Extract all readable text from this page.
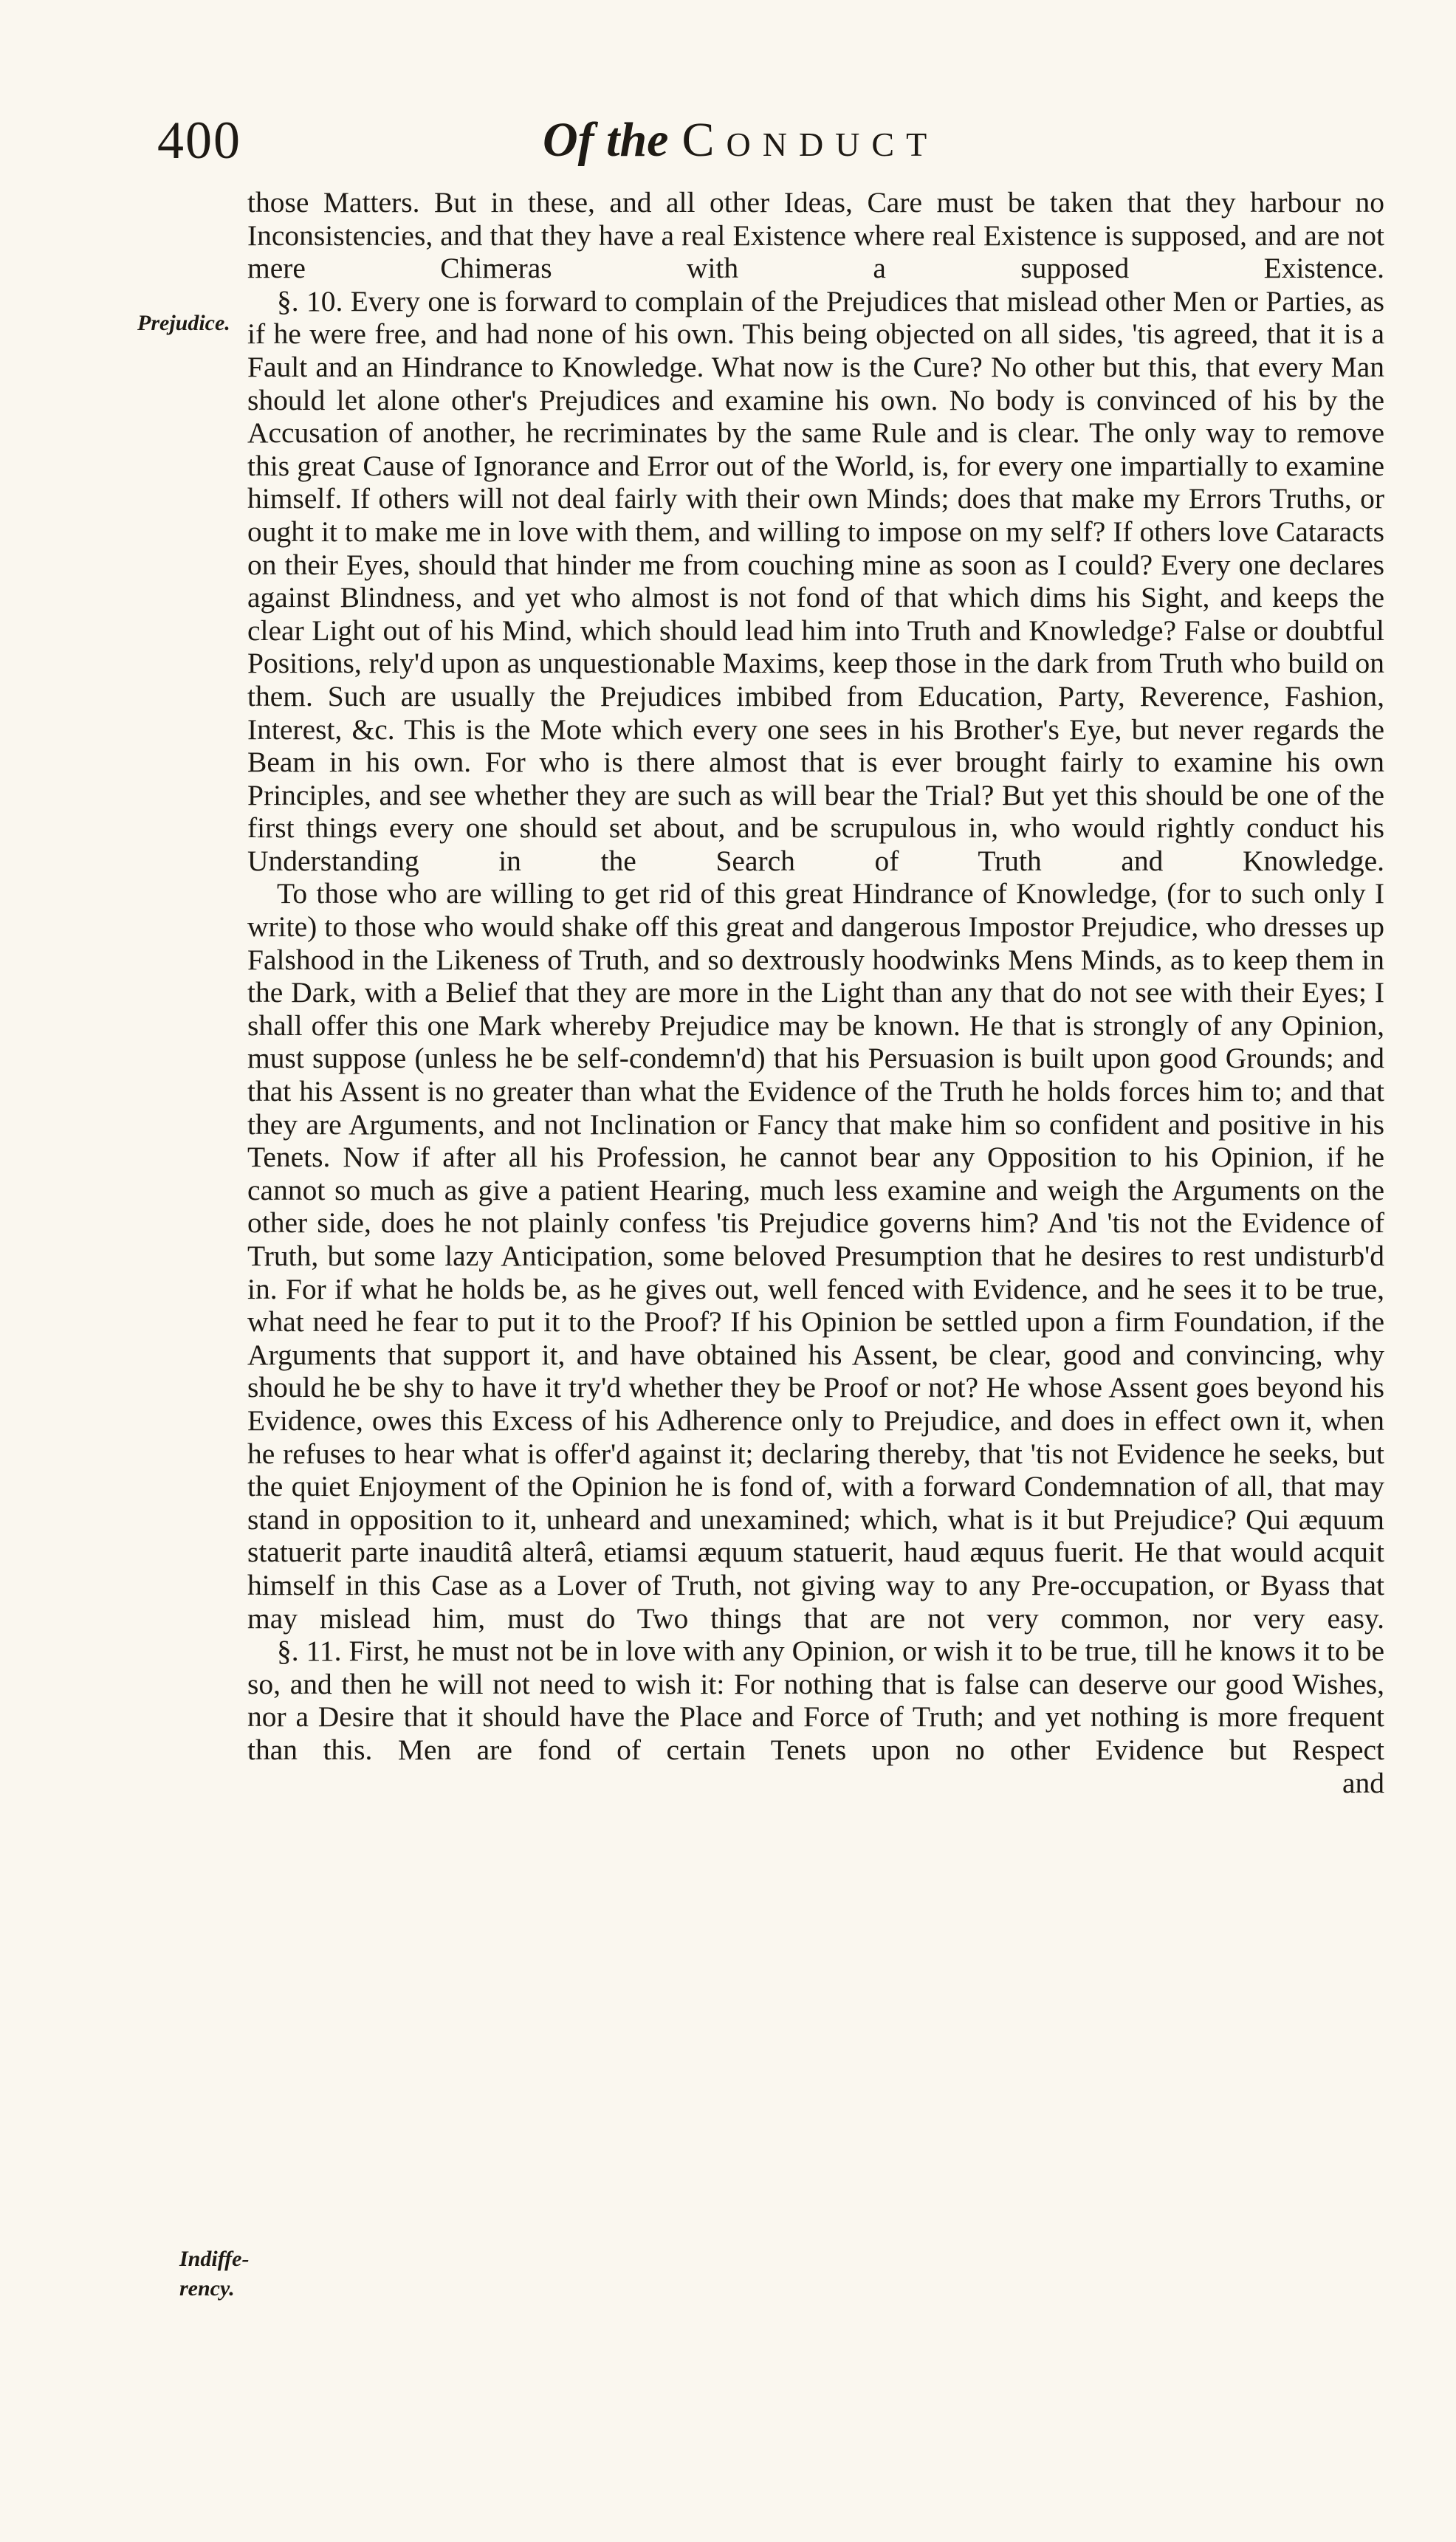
400	Of the Conduct
Prejudice.
Indiffe-
rency.

those Matters. But in these, and all other Ideas, Care must be taken that they harbour no Inconsistencies, and that they have a real Existence where real Existence is supposed, and are not mere Chimeras with a supposed Existence.

§. 10. Every one is forward to complain of the Prejudices that mislead other Men or Parties, as if he were free, and had none of his own. This being objected on all sides, 'tis agreed, that it is a Fault and an Hindrance to Knowledge. What now is the Cure? No other but this, that every Man should let alone other's Prejudices and examine his own. No body is convinced of his by the Accusation of another, he recriminates by the same Rule and is clear. The only way to remove this great Cause of Ignorance and Error out of the World, is, for every one impartially to examine himself. If others will not deal fairly with their own Minds; does that make my Errors Truths, or ought it to make me in love with them, and willing to impose on my self? If others love Cataracts on their Eyes, should that hinder me from couching mine as soon as I could? Every one declares against Blindness, and yet who almost is not fond of that which dims his Sight, and keeps the clear Light out of his Mind, which should lead him into Truth and Knowledge? False or doubtful Positions, rely'd upon as unquestionable Maxims, keep those in the dark from Truth who build on them. Such are usually the Prejudices imbibed from Education, Party, Reverence, Fashion, Interest, &c. This is the Mote which every one sees in his Brother's Eye, but never regards the Beam in his own. For who is there almost that is ever brought fairly to examine his own Principles, and see whether they are such as will bear the Trial? But yet this should be one of the first things every one should set about, and be scrupulous in, who would rightly conduct his Understanding in the Search of Truth and Knowledge.

To those who are willing to get rid of this great Hindrance of Knowledge, (for to such only I write) to those who would shake off this great and dangerous Impostor Prejudice, who dresses up Falshood in the Likeness of Truth, and so dextrously hoodwinks Mens Minds, as to keep them in the Dark, with a Belief that they are more in the Light than any that do not see with their Eyes; I shall offer this one Mark whereby Prejudice may be known. He that is strongly of any Opinion, must suppose (unless he be self-condemn'd) that his Persuasion is built upon good Grounds; and that his Assent is no greater than what the Evidence of the Truth he holds forces him to; and that they are Arguments, and not Inclination or Fancy that make him so confident and positive in his Tenets. Now if after all his Profession, he cannot bear any Opposition to his Opinion, if he cannot so much as give a patient Hearing, much less examine and weigh the Arguments on the other side, does he not plainly confess 'tis Prejudice governs him? And 'tis not the Evidence of Truth, but some lazy Anticipation, some beloved Presumption that he desires to rest undisturb'd in. For if what he holds be, as he gives out, well fenced with Evidence, and he sees it to be true, what need he fear to put it to the Proof? If his Opinion be settled upon a firm Foundation, if the Arguments that support it, and have obtained his Assent, be clear, good and convincing, why should he be shy to have it try'd whether they be Proof or not? He whose Assent goes beyond his Evidence, owes this Excess of his Adherence only to Prejudice, and does in effect own it, when he refuses to hear what is offer'd against it; declaring thereby, that 'tis not Evidence he seeks, but the quiet Enjoyment of the Opinion he is fond of, with a forward Condemnation of all, that may stand in opposition to it, unheard and unexamined; which, what is it but Prejudice? Qui æquum statuerit parte inauditâ alterâ, etiamsi æquum statuerit, haud æquus fuerit. He that would acquit himself in this Case as a Lover of Truth, not giving way to any Pre-occupation, or Byass that may mislead him, must do Two things that are not very common, nor very easy.

§. 11. First, he must not be in love with any Opinion, or wish it to be true, till he knows it to be so, and then he will not need to wish it: For nothing that is false can deserve our good Wishes, nor a Desire that it should have the Place and Force of Truth; and yet nothing is more frequent than this. Men are fond of certain Tenets upon no other Evidence but Respect

and
